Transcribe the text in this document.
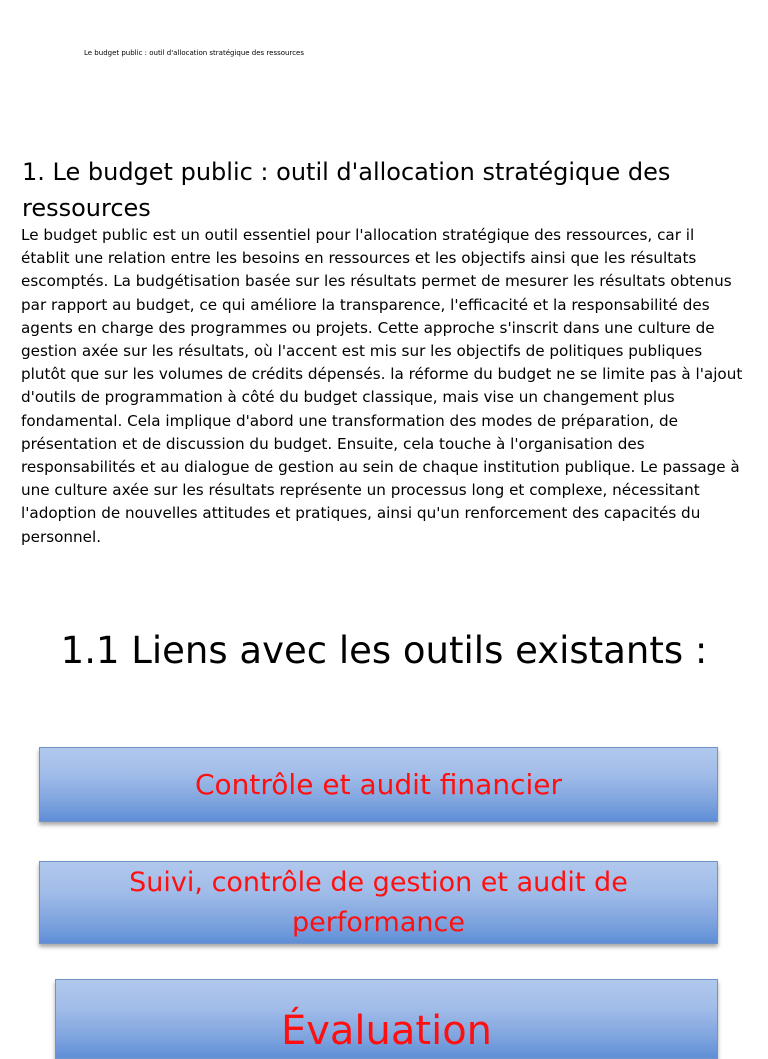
Le budget public : outil d'allocation stratégique des ressources
1. Le budget public : outil d'allocation stratégique des ressources

Le budget public est un outil essentiel pour l'allocation stratégique des ressources, car il établit une relation entre les besoins en ressources et les objectifs ainsi que les résultats escomptés. La budgétisation basée sur les résultats permet de mesurer les résultats obtenus par rapport au budget, ce qui améliore la transparence, l'efficacité et la responsabilité des agents en charge des programmes ou projets. Cette approche s'inscrit dans une culture de gestion axée sur les résultats, où l'accent est mis sur les objectifs de politiques publiques plutôt que sur les volumes de crédits dépensés. la réforme du budget ne se limite pas à l'ajout d'outils de programmation à côté du budget classique, mais vise un changement plus fondamental. Cela implique d'abord une transformation des modes de préparation, de présentation et de discussion du budget. Ensuite, cela touche à l'organisation des responsabilités et au dialogue de gestion au sein de chaque institution publique. Le passage à une culture axée sur les résultats représente un processus long et complexe, nécessitant l'adoption de nouvelles attitudes et pratiques, ainsi qu'un renforcement des capacités du personnel.

1.1 Liens avec les outils existants :
Contrôle et audit financier
Suivi, contrôle de gestion et audit de performance
Évaluation
